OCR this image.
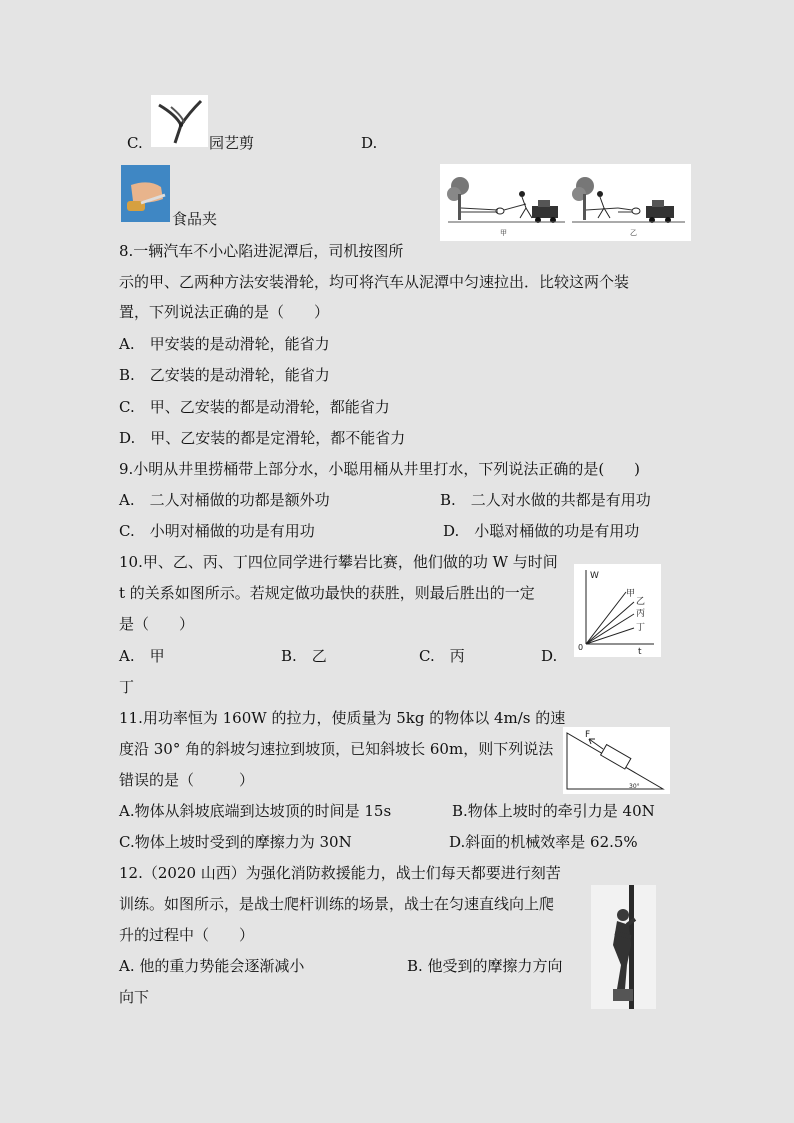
C.	园艺剪	D.
食品夹
甲	乙
8.一辆汽车不小心陷进泥潭后，司机按图所
示的甲、乙两种方法安装滑轮，均可将汽车从泥潭中匀速拉出．比较这两个装
置，下列说法正确的是（　　）
A.　甲安装的是动滑轮，能省力
B.　乙安装的是动滑轮，能省力
C.　甲、乙安装的都是动滑轮，都能省力
D.　甲、乙安装的都是定滑轮，都不能省力
9.小明从井里捞桶带上部分水，小聪用桶从井里打水，下列说法正确的是(　　)
A.　二人对桶做的功都是额外功	B.　二人对水做的共都是有用功
C.　小明对桶做的功是有用功	D.　小聪对桶做的功是有用功
10.甲、乙、丙、丁四位同学进行攀岩比赛，他们做的功 W 与时间
t 的关系如图所示。若规定做功最快的获胜，则最后胜出的一定
是（　　）
W
t
0
甲
乙
丙
丁
A.　甲	B.　乙	C.　丙	D.
丁
11.用功率恒为 160W 的拉力，使质量为 5kg 的物体以 4m/s 的速
度沿 30° 角的斜坡匀速拉到坡顶，已知斜坡长 60m，则下列说法
错误的是（　　　）
F
30°
A.物体从斜坡底端到达坡顶的时间是 15s	B.物体上坡时的牵引力是 40N
C.物体上坡时受到的摩擦力为 30N	D.斜面的机械效率是 62.5%
12.（2020 山西）为强化消防救援能力，战士们每天都要进行刻苦
训练。如图所示，是战士爬杆训练的场景，战士在匀速直线向上爬
升的过程中（　　）
A. 他的重力势能会逐渐减小	B. 他受到的摩擦力方向
向下
